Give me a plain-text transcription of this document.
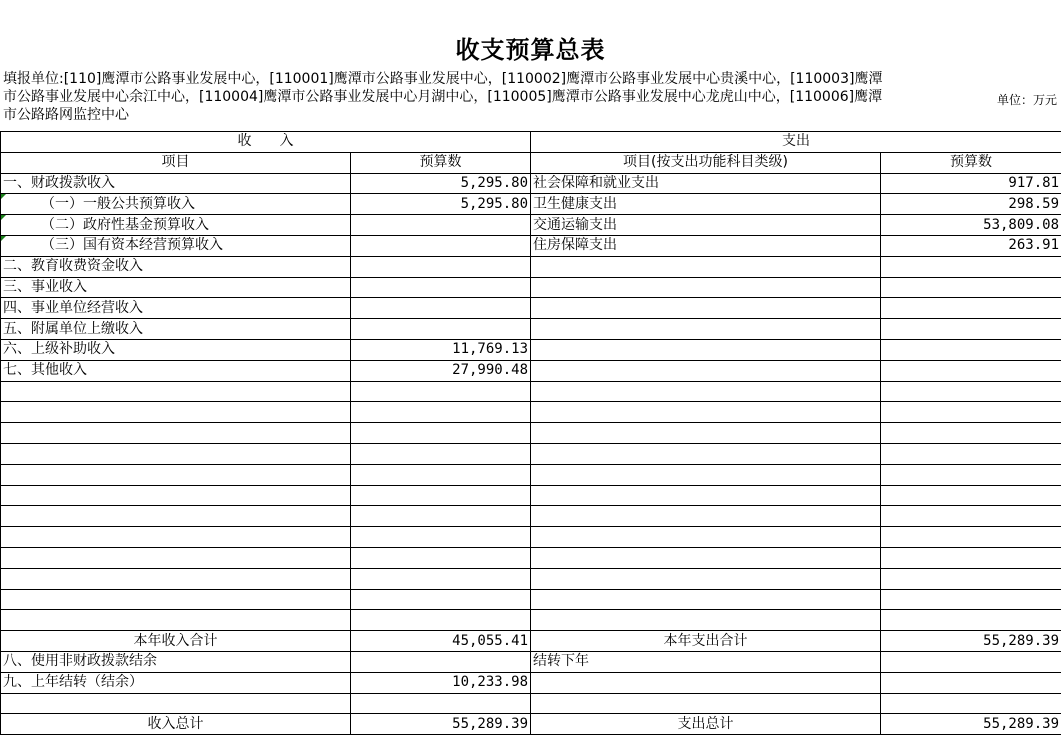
收支预算总表
填报单位:[110]鹰潭市公路事业发展中心，[110001]鹰潭市公路事业发展中心，[110002]鹰潭市公路事业发展中心贵溪中心，[110003]鹰潭市公路事业发展中心余江中心，[110004]鹰潭市公路事业发展中心月湖中心，[110005]鹰潭市公路事业发展中心龙虎山中心，[110006]鹰潭市公路路网监控中心
单位：万元
收　　入		支出	
项目	预算数	项目(按支出功能科目类级)	预算数
一、财政拨款收入	5,295.80	社会保障和就业支出	917.81
（一）一般公共预算收入	5,295.80	卫生健康支出	298.59
（二）政府性基金预算收入		交通运输支出	53,809.08
（三）国有资本经营预算收入		住房保障支出	263.91
二、教育收费资金收入			
三、事业收入			
四、事业单位经营收入			
五、附属单位上缴收入			
六、上级补助收入	11,769.13		
七、其他收入	27,990.48		

本年收入合计	45,055.41	本年支出合计	55,289.39
八、使用非财政拨款结余		结转下年	
九、上年结转（结余）	10,233.98		

收入总计	55,289.39	支出总计	55,289.39
